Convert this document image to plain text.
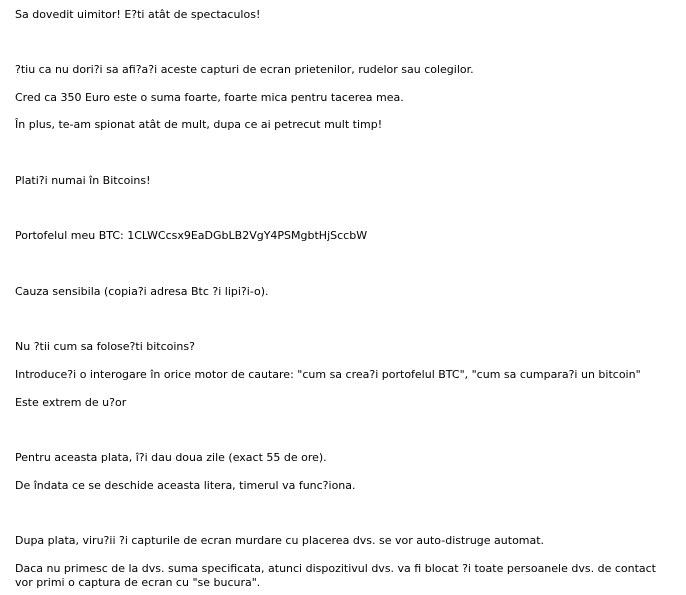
Sa dovedit uimitor! E?ti atât de spectaculos!

?tiu ca nu dori?i sa afi?a?i aceste capturi de ecran prietenilor, rudelor sau colegilor.

Cred ca 350 Euro este o suma foarte, foarte mica pentru tacerea mea.

În plus, te-am spionat atât de mult, dupa ce ai petrecut mult timp!

Plati?i numai în Bitcoins!

Portofelul meu BTC: 1CLWCcsx9EaDGbLB2VgY4PSMgbtHjSccbW

Cauza sensibila (copia?i adresa Btc ?i lipi?i-o).

Nu ?tii cum sa folose?ti bitcoins?

Introduce?i o interogare în orice motor de cautare: "cum sa crea?i portofelul BTC", "cum sa cumpara?i un bitcoin"

Este extrem de u?or

Pentru aceasta plata, î?i dau doua zile (exact 55 de ore).

De îndata ce se deschide aceasta litera, timerul va func?iona.

Dupa plata, viru?ii ?i capturile de ecran murdare cu placerea dvs. se vor auto-distruge automat.

Daca nu primesc de la dvs. suma specificata, atunci dispozitivul dvs. va fi blocat ?i toate persoanele dvs. de contact vor primi o captura de ecran cu "se bucura".
